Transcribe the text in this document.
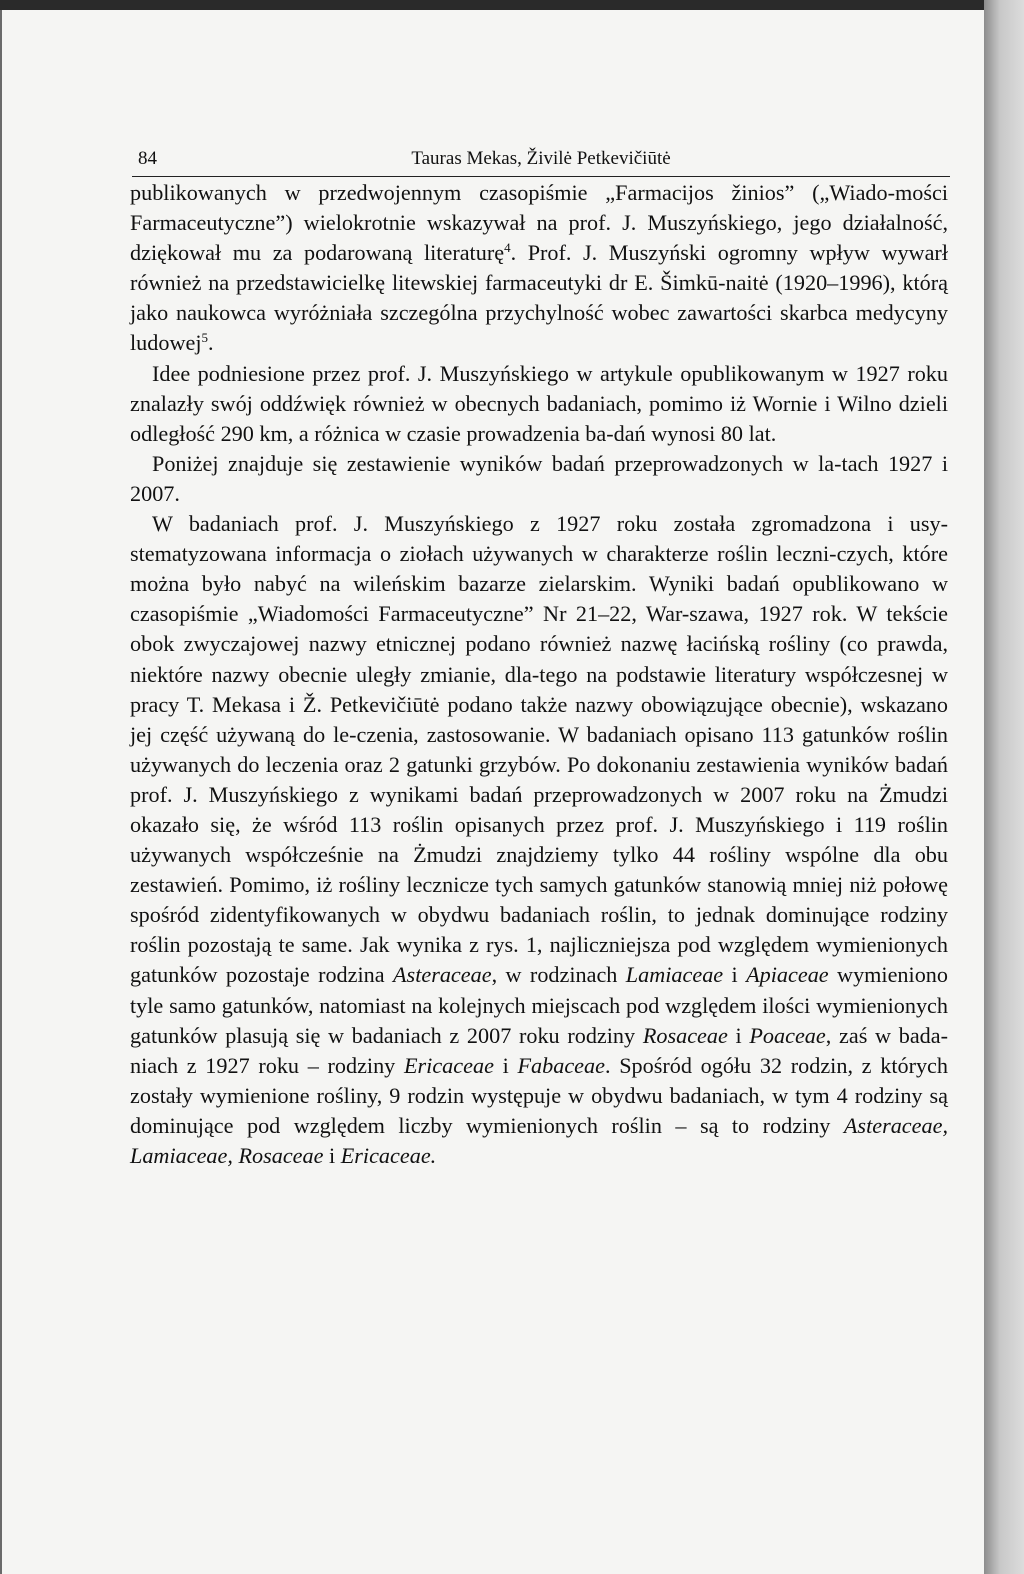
84	Tauras Mekas, Živilė Petkevičiūtė

publikowanych w przedwojennym czasopiśmie „Farmacijos žinios” („Wiado-mości Farmaceutyczne”) wielokrotnie wskazywał na prof. J. Muszyńskiego, jego działalność, dziękował mu za podarowaną literaturę$^4$. Prof. J. Muszyński ogromny wpływ wywarł również na przedstawicielkę litewskiej farmaceutyki dr E. Šimkū-naitė (1920–1996), którą jako naukowca wyróżniała szczególna przychylność wobec zawartości skarbca medycyny ludowej$^5$.

Idee podniesione przez prof. J. Muszyńskiego w artykule opublikowanym w 1927 roku znalazły swój oddźwięk również w obecnych badaniach, pomimo iż Wornie i Wilno dzieli odległość 290 km, a różnica w czasie prowadzenia ba-dań wynosi 80 lat.

Poniżej znajduje się zestawienie wyników badań przeprowadzonych w la-tach 1927 i 2007.

W badaniach prof. J. Muszyńskiego z 1927 roku została zgromadzona i usy-stematyzowana informacja o ziołach używanych w charakterze roślin leczni-czych, które można było nabyć na wileńskim bazarze zielarskim. Wyniki badań opublikowano w czasopiśmie „Wiadomości Farmaceutyczne” Nr 21–22, War-szawa, 1927 rok. W tekście obok zwyczajowej nazwy etnicznej podano również nazwę łacińską rośliny (co prawda, niektóre nazwy obecnie uległy zmianie, dla-tego na podstawie literatury współczesnej w pracy T. Mekasa i Ž. Petkevičiūtė podano także nazwy obowiązujące obecnie), wskazano jej część używaną do le-czenia, zastosowanie. W badaniach opisano 113 gatunków roślin używanych do leczenia oraz 2 gatunki grzybów. Po dokonaniu zestawienia wyników badań prof. J. Muszyńskiego z wynikami badań przeprowadzonych w 2007 roku na Żmudzi okazało się, że wśród 113 roślin opisanych przez prof. J. Muszyńskiego i 119 roślin używanych współcześnie na Żmudzi znajdziemy tylko 44 rośliny wspólne dla obu zestawień. Pomimo, iż rośliny lecznicze tych samych gatunków stanowią mniej niż połowę spośród zidentyfikowanych w obydwu badaniach roślin, to jednak dominujące rodziny roślin pozostają te same. Jak wynika z rys. 1, najliczniejsza pod względem wymienionych gatunków pozostaje rodzina Asteraceae, w rodzinach Lamiaceae i Apiaceae wymieniono tyle samo gatunków, natomiast na kolejnych miejscach pod względem ilości wymienionych gatunków plasują się w badaniach z 2007 roku rodziny Rosaceae i Poaceae, zaś w bada-niach z 1927 roku – rodziny Ericaceae i Fabaceae. Spośród ogółu 32 rodzin, z których zostały wymienione rośliny, 9 rodzin występuje w obydwu badaniach, w tym 4 rodziny są dominujące pod względem liczby wymienionych roślin – są to rodziny Asteraceae, Lamiaceae, Rosaceae i Ericaceae.
